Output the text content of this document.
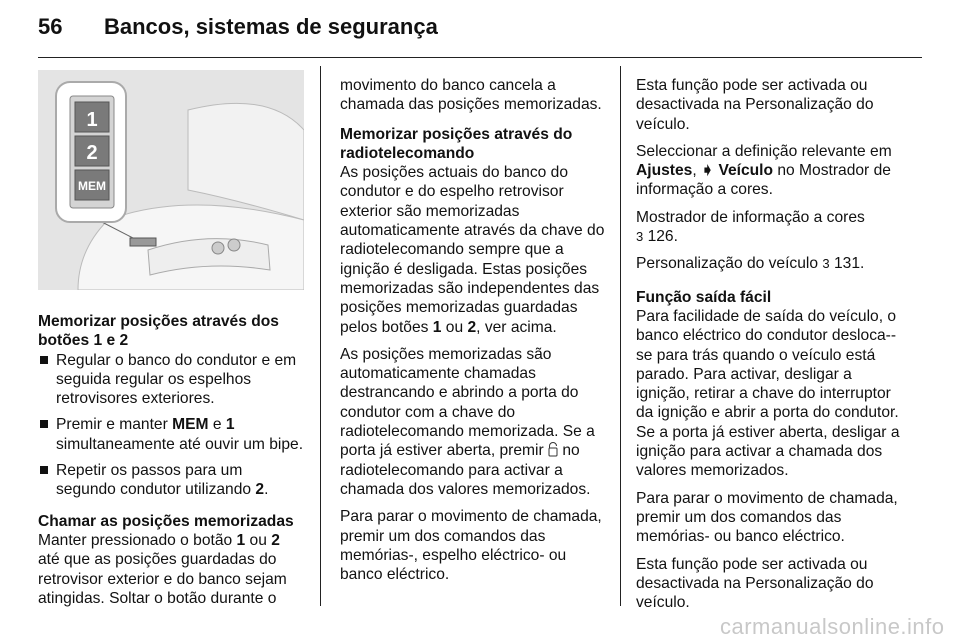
56 Bancos, sistemas de segurança
1
2
MEM
Memorizar posições através dos botões 1 e 2
Regular o banco do condutor e em seguida regular os espelhos retrovisores exteriores.
Premir e manter MEM e 1 simultaneamente até ouvir um bipe.
Repetir os passos para um segundo condutor utilizando 2.
Chamar as posições memorizadas

Manter pressionado o botão 1 ou 2 até que as posições guardadas do retrovisor exterior e do banco sejam atingidas. Soltar o botão durante o

movimento do banco cancela a chamada das posições memorizadas.

Memorizar posições através do radiotelecomando

As posições actuais do banco do condutor e do espelho retrovisor exterior são memorizadas automaticamente através da chave do radiotelecomando sempre que a ignição é desligada. Estas posições memorizadas são independentes das posições memorizadas guardadas pelos botões 1 ou 2, ver acima.

As posições memorizadas são automaticamente chamadas destrancando e abrindo a porta do condutor com a chave do radiotelecomando memorizada. Se a porta já estiver aberta, premir  no radiotelecomando para activar a chamada dos valores memorizados.

Para parar o movimento de chamada, premir um dos comandos das memórias-, espelho eléctrico- ou banco eléctrico.

Esta função pode ser activada ou desactivada na Personalização do veículo.

Seleccionar a definição relevante em Ajustes, ➧ Veículo no Mostrador de informação a cores.

Mostrador de informação a cores
3 126.

Personalização do veículo 3 131.

Função saída fácil

Para facilidade de saída do veículo, o banco eléctrico do condutor desloca--se para trás quando o veículo está parado. Para activar, desligar a ignição, retirar a chave do interruptor da ignição e abrir a porta do condutor. Se a porta já estiver aberta, desligar a ignição para activar a chamada dos valores memorizados.

Para parar o movimento de chamada, premir um dos comandos das memórias- ou banco eléctrico.

Esta função pode ser activada ou desactivada na Personalização do veículo.

carmanualsonline.info
